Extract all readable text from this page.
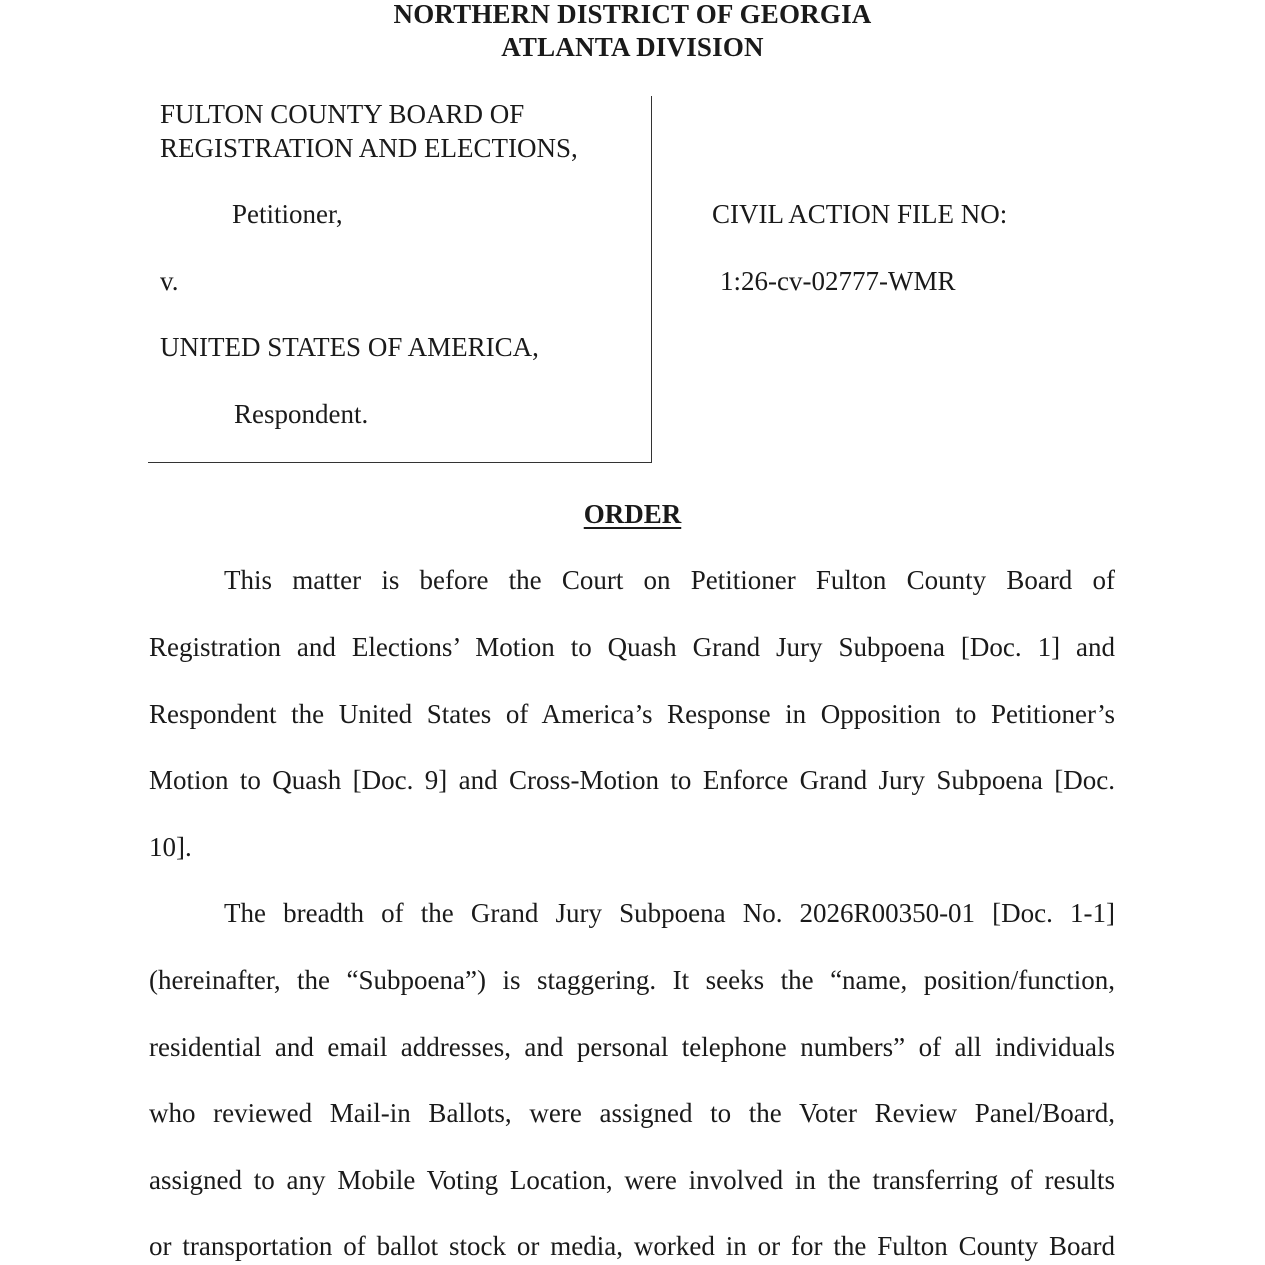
NORTHERN DISTRICT OF GEORGIA
ATLANTA DIVISION
FULTON COUNTY BOARD OF
REGISTRATION AND ELECTIONS,
Petitioner,
v.
UNITED STATES OF AMERICA,
Respondent.
CIVIL ACTION FILE NO:
1:26-cv-02777-WMR
ORDER
This matter is before the Court on Petitioner Fulton County Board of
Registration and Elections’ Motion to Quash Grand Jury Subpoena [Doc. 1] and
Respondent the United States of America’s Response in Opposition to Petitioner’s
Motion to Quash [Doc. 9] and Cross-Motion to Enforce Grand Jury Subpoena [Doc.
10].
The breadth of the Grand Jury Subpoena No. 2026R00350-01 [Doc. 1-1]
(hereinafter, the “Subpoena”) is staggering. It seeks the “name, position/function,
residential and email addresses, and personal telephone numbers” of all individuals
who reviewed Mail-in Ballots, were assigned to the Voter Review Panel/Board,
assigned to any Mobile Voting Location, were involved in the transferring of results
or transportation of ballot stock or media, worked in or for the Fulton County Board
